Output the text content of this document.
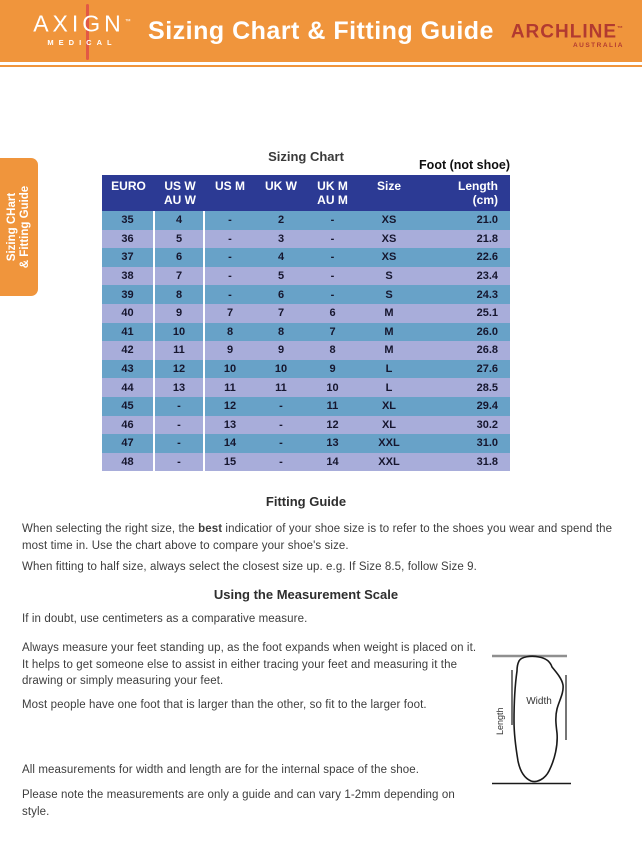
AXIGN™
MEDICAL	Sizing Chart & Fitting Guide ARCHLINE™
AUSTRALIA
Sizing CHart & Fitting Guide
Sizing Chart
Foot (not shoe)
EURO	US W
AU W
US M	UK W	UK M
AU M
Size	Length
(cm)
35	4	-	2	-	XS	21.0
36	5	-	3	-	XS	21.8
37	6	-	4	-	XS	22.6
38	7	-	5	-	S	23.4
39	8	-	6	-	S	24.3
40	9	7	7	6	M	25.1
41	10	8	8	7	M	26.0
42	11	9	9	8	M	26.8
43	12	10	10	9	L	27.6
44	13	11	11	10	L	28.5
45	-	12	-	11	XL	29.4
46	-	13	-	12	XL	30.2
47	-	14	-	13	XXL	31.0
48	-	15	-	14	XXL	31.8
Fitting Guide

When selecting the right size, the best indicatior of your shoe size is to refer to the shoes you wear and spend the most time in. Use the chart above to compare your shoe's size.

When fitting to half size, always select the closest size up. e.g. If Size 8.5, follow Size 9.

Using the Measurement Scale

If in doubt, use centimeters as a comparative measure.

Always measure your feet standing up, as the foot expands when weight is placed on it. It helps to get someone else to assist in either tracing your feet and measuring it the drawing or simply measuring your feet.

Most people have one foot that is larger than the other, so fit to the larger foot.

All measurements for width and length are for the internal space of the shoe.

Please note the measurements are only a guide and can vary 1-2mm depending on style.

Width
Length
